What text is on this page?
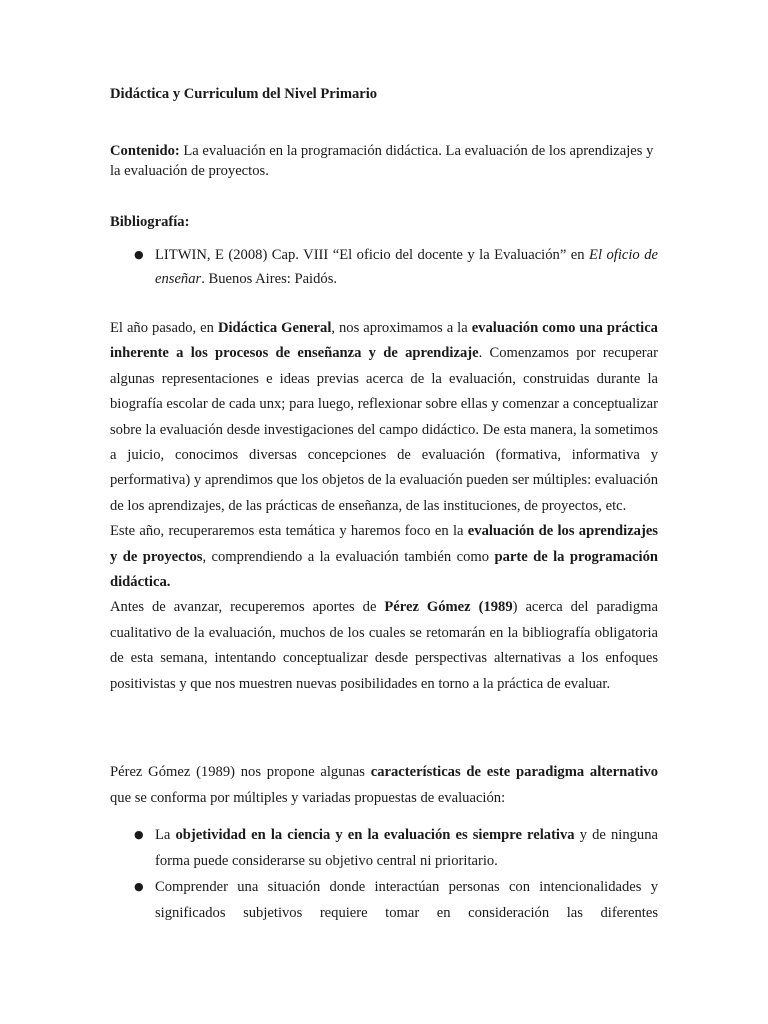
Didáctica y Curriculum del Nivel Primario
Contenido: La evaluación en la programación didáctica. La evaluación de los aprendizajes y la evaluación de proyectos.
Bibliografía:
● LITWIN, E (2008) Cap. VIII “El oficio del docente y la Evaluación” en El oficio de enseñar. Buenos Aires: Paidós.

El año pasado, en Didáctica General, nos aproximamos a la evaluación como una práctica inherente a los procesos de enseñanza y de aprendizaje. Comenzamos por recuperar algunas representaciones e ideas previas acerca de la evaluación, construidas durante la biografía escolar de cada unx; para luego, reflexionar sobre ellas y comenzar a conceptualizar sobre la evaluación desde investigaciones del campo didáctico. De esta manera, la sometimos a juicio, conocimos diversas concepciones de evaluación (formativa, informativa y performativa) y aprendimos que los objetos de la evaluación pueden ser múltiples: evaluación de los aprendizajes, de las prácticas de enseñanza, de las instituciones, de proyectos, etc.

Este año, recuperaremos esta temática y haremos foco en la evaluación de los aprendizajes y de proyectos, comprendiendo a la evaluación también como parte de la programación didáctica.

Antes de avanzar, recuperemos aportes de Pérez Gómez (1989) acerca del paradigma cualitativo de la evaluación, muchos de los cuales se retomarán en la bibliografía obligatoria de esta semana, intentando conceptualizar desde perspectivas alternativas a los enfoques positivistas y que nos muestren nuevas posibilidades en torno a la práctica de evaluar.

Pérez Gómez (1989) nos propone algunas características de este paradigma alternativo que se conforma por múltiples y variadas propuestas de evaluación:

● La objetividad en la ciencia y en la evaluación es siempre relativa y de ninguna forma puede considerarse su objetivo central ni prioritario.
● Comprender una situación donde interactúan personas con intencionalidades y significados subjetivos requiere tomar en consideración las diferentes
